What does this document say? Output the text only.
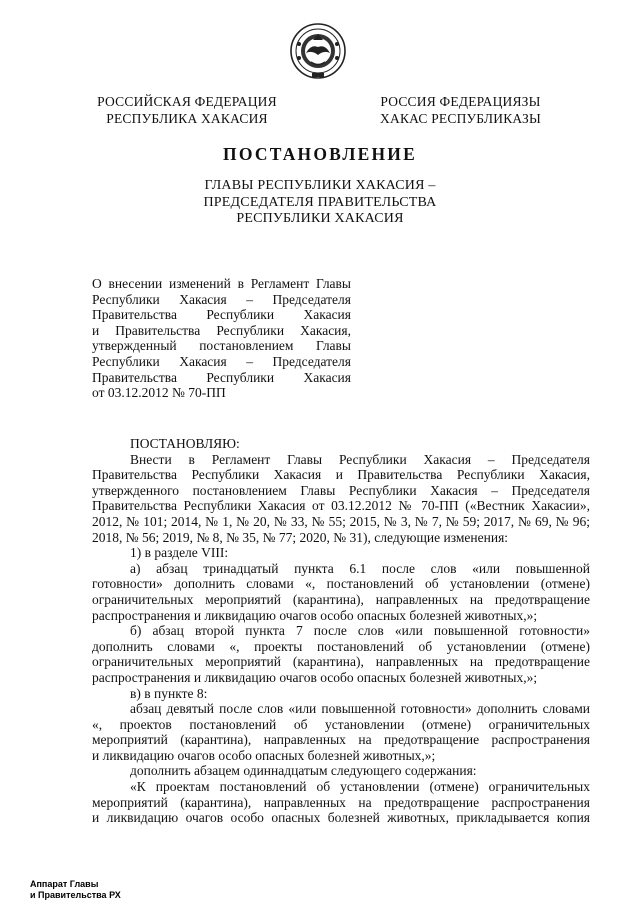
РОССИЙСКАЯ ФЕДЕРАЦИЯ
РЕСПУБЛИКА ХАКАСИЯ
РОССИЯ ФЕДЕРАЦИЯЗЫ
ХАКАС РЕСПУБЛИКАЗЫ
ПОСТАНОВЛЕНИЕ
ГЛАВЫ РЕСПУБЛИКИ ХАКАСИЯ –
ПРЕДСЕДАТЕЛЯ ПРАВИТЕЛЬСТВА
РЕСПУБЛИКИ ХАКАСИЯ
О внесении изменений в Регламент Главы
Республики Хакасия – Председателя
Правительства Республики Хакасия
и Правительства Республики Хакасия,
утвержденный постановлением Главы
Республики Хакасия – Председателя
Правительства Республики Хакасия
от 03.12.2012 № 70-ПП
ПОСТАНОВЛЯЮ:
Внести в Регламент Главы Республики Хакасия – Председателя
Правительства Республики Хакасия и Правительства Республики Хакасия,
утвержденного постановлением Главы Республики Хакасия – Председателя
Правительства Республики Хакасия от 03.12.2012 № 70-ПП («Вестник Хакасии»,
2012, № 101; 2014, № 1, № 20, № 33, № 55; 2015, № 3, № 7, № 59; 2017, № 69, № 96;
2018, № 56; 2019, № 8, № 35, № 77; 2020, № 31), следующие изменения:
1) в разделе VIII:
а) абзац тринадцатый пункта 6.1 после слов «или повышенной
готовности» дополнить словами «, постановлений об установлении (отмене)
ограничительных мероприятий (карантина), направленных на предотвращение
распространения и ликвидацию очагов особо опасных болезней животных,»;
б) абзац второй пункта 7 после слов «или повышенной готовности»
дополнить словами «, проекты постановлений об установлении (отмене)
ограничительных мероприятий (карантина), направленных на предотвращение
распространения и ликвидацию очагов особо опасных болезней животных,»;
в) в пункте 8:
абзац девятый после слов «или повышенной готовности» дополнить словами
«, проектов постановлений об установлении (отмене) ограничительных
мероприятий (карантина), направленных на предотвращение распространения
и ликвидацию очагов особо опасных болезней животных,»;
дополнить абзацем одиннадцатым следующего содержания:
«К проектам постановлений об установлении (отмене) ограничительных
мероприятий (карантина), направленных на предотвращение распространения
и ликвидацию очагов особо опасных болезней животных, прикладывается копия
Аппарат Главы
и Правительства РХ
